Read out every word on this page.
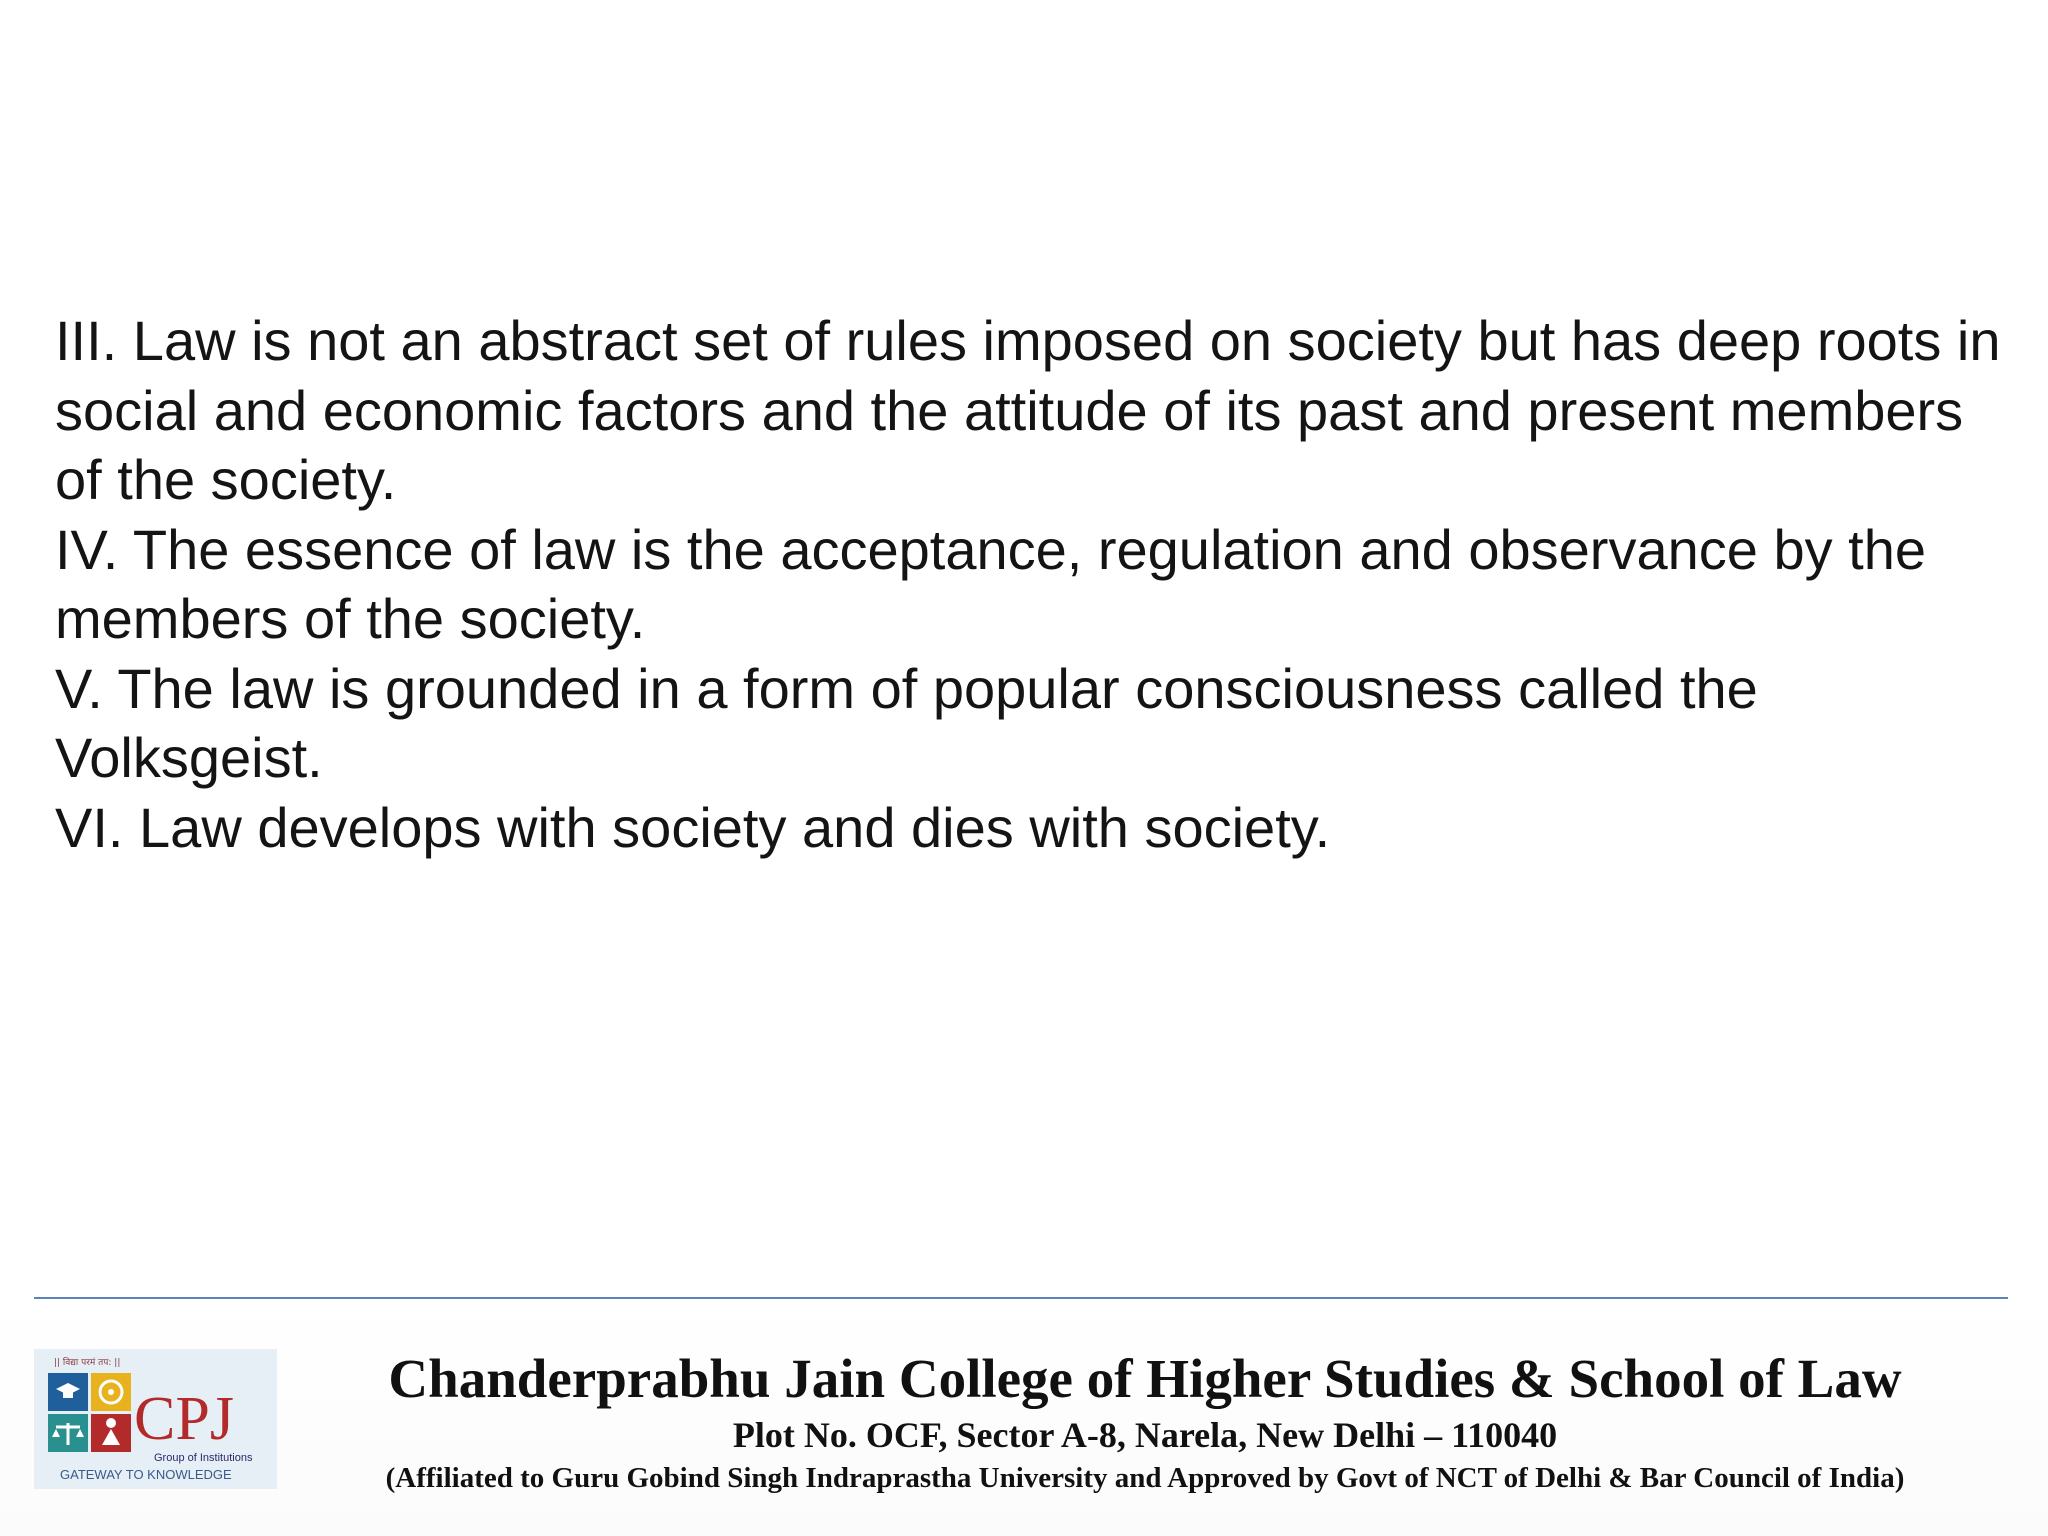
III. Law is not an abstract set of rules imposed on society but has deep roots in social and economic factors and the attitude of its past and present members of the society.

IV. The essence of law is the acceptance, regulation and observance by the members of the society.

V. The law is grounded in a form of popular consciousness called the Volksgeist.

VI. Law develops with society and dies with society.

CPJ
|| विद्या परमं तप: ||
Group of Institutions
GATEWAY TO KNOWLEDGE
Chanderprabhu Jain College of Higher Studies & School of Law
Plot No. OCF, Sector A-8, Narela, New Delhi – 110040
(Affiliated to Guru Gobind Singh Indraprastha University and Approved by Govt of NCT of Delhi & Bar Council of India)
